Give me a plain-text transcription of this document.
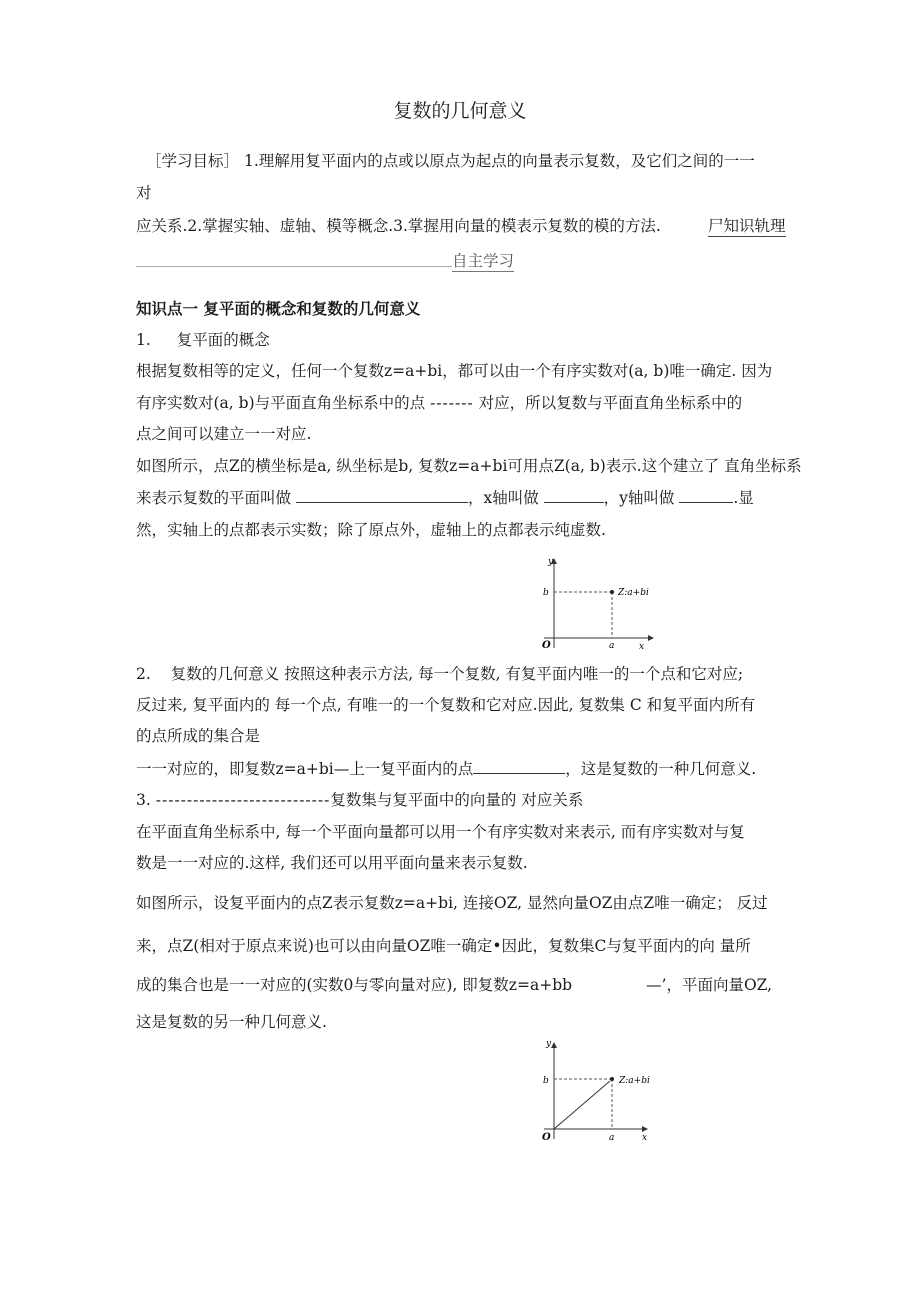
复数的几何意义
［学习目标］ 1.理解用复平面内的点或以原点为起点的向量表示复数，及它们之间的一一
对
应关系.2.掌握实轴、虚轴、模等概念.3.掌握用向量的模表示复数的模的方法.	尸知识轨理
自主学习
知识点一 复平面的概念和复数的几何意义
1. 复平面的概念
根据复数相等的定义，任何一个复数z=a+bi，都可以由一个有序实数对(a, b)唯一确定. 因为
有序实数对(a, b)与平面直角坐标系中的点 ------- 对应，所以复数与平面直角坐标系中的
点之间可以建立一一对应.
如图所示，点Z的横坐标是a, 纵坐标是b, 复数z=a+bi可用点Z(a, b)表示.这个建立了 直角坐标系
来表示复数的平面叫做	，x轴叫做	，y轴叫做	.显
然，实轴上的点都表示实数；除了原点外，虚轴上的点都表示纯虚数.
y
x
O	a
b	Z:a+bi
2. 复数的几何意义 按照这种表示方法, 每一个复数, 有复平面内唯一的一个点和它对应;
反过来, 复平面内的 每一个点, 有唯一的一个复数和它对应.因此, 复数集 C 和复平面内所有
的点所成的集合是
一一对应的，即复数z=a+bi—上一复平面内的点	，这是复数的一种几何意义.
3. ----------------------------复数集与复平面中的向量的 对应关系
在平面直角坐标系中, 每一个平面向量都可以用一个有序实数对来表示, 而有序实数对与复
数是一一对应的.这样, 我们还可以用平面向量来表示复数.
如图所示，设复平面内的点Z表示复数z=a+bi, 连接OZ, 显然向量OZ由点Z唯一确定； 反过
来，点Z(相对于原点来说)也可以由向量OZ唯一确定•因此，复数集C与复平面内的向 量所
成的集合也是一一对应的(实数0与零向量对应), 即复数z=a+bb	—’，平面向量OZ,
这是复数的另一种几何意义.
y
x
O	a
b	Z:a+bi
